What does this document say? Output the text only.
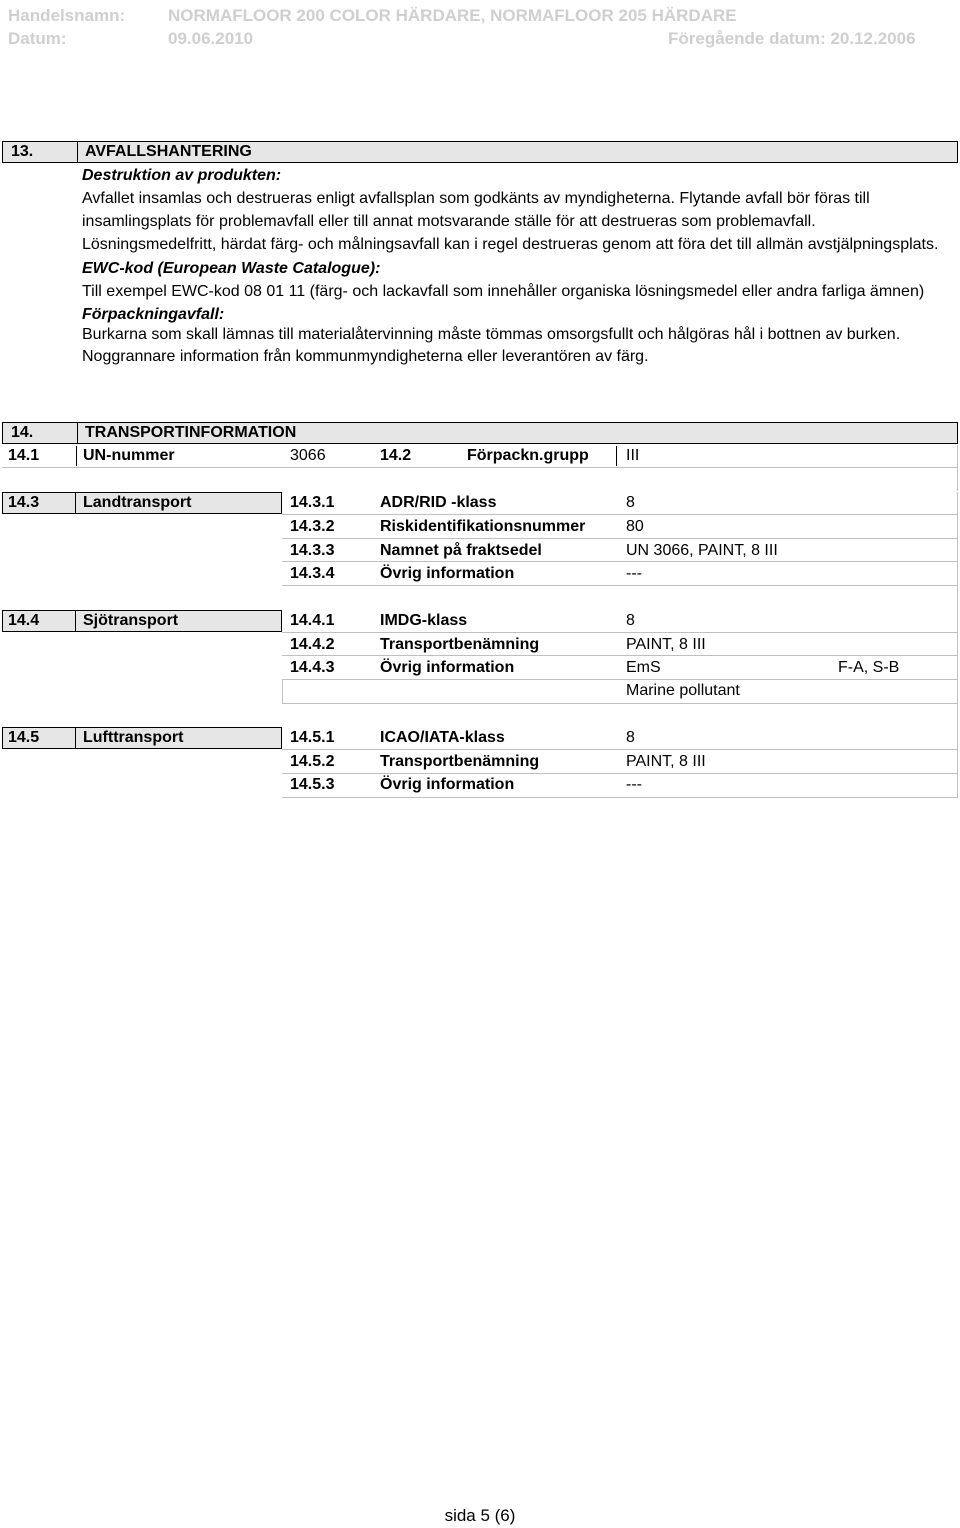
Handelsnamn:	NORMAFLOOR 200 COLOR HÄRDARE, NORMAFLOOR 205 HÄRDARE
Datum:	09.06.2010	Föregående datum: 20.12.2006
13.	AVFALLSHANTERING
Destruktion av produkten:
Avfallet insamlas och destrueras enligt avfallsplan som godkänts av myndigheterna. Flytande avfall bör föras till
insamlingsplats för problemavfall eller till annat motsvarande ställe för att destrueras som problemavfall.
Lösningsmedelfritt, härdat färg- och målningsavfall kan i regel destrueras genom att föra det till allmän avstjälpningsplats.
EWC-kod (European Waste Catalogue):
Till exempel EWC-kod 08 01 11 (färg- och lackavfall som innehåller organiska lösningsmedel eller andra farliga ämnen)
Förpackningavfall:
Burkarna som skall lämnas till materialåtervinning måste tömmas omsorgsfullt och hålgöras hål i bottnen av burken.
Noggrannare information från kommunmyndigheterna eller leverantören av färg.
14.	TRANSPORTINFORMATION
14.1	UN-nummer	3066	14.2	Förpackn.grupp III
14.3	Landtransport	14.3.1	ADR/RID -klass	8
14.3.2	Riskidentifikationsnummer	80
14.3.3	Namnet på fraktsedel	UN 3066, PAINT, 8 III
14.3.4	Övrig information	---
14.4	Sjötransport	14.4.1	IMDG-klass	8
14.4.2	Transportbenämning	PAINT, 8 III
14.4.3	Övrig information	EmS	F-A, S-B
Marine pollutant
14.5	Lufttransport	14.5.1	ICAO/IATA-klass	8
14.5.2	Transportbenämning	PAINT, 8 III
14.5.3	Övrig information	---
sida 5 (6)
